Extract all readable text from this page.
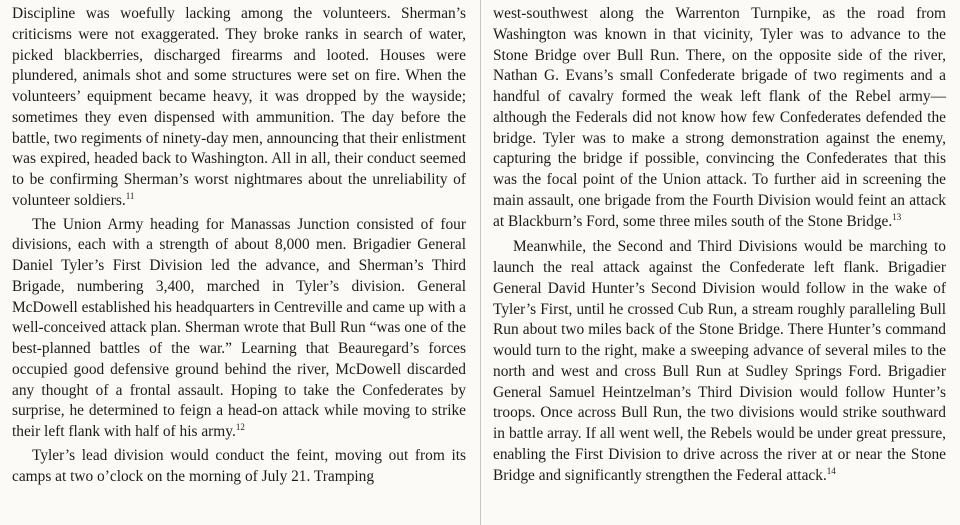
Discipline was woefully lacking among the volunteers. Sherman’s criticisms were not exaggerated. They broke ranks in search of water, picked blackberries, discharged firearms and looted. Houses were plundered, animals shot and some structures were set on fire. When the volunteers’ equipment became heavy, it was dropped by the wayside; sometimes they even dispensed with ammunition. The day before the battle, two regiments of ninety-day men, announcing that their enlistment was expired, headed back to Washington. All in all, their conduct seemed to be confirming Sherman’s worst nightmares about the unreliability of volunteer soldiers.$^{11}$

The Union Army heading for Manassas Junction consisted of four divisions, each with a strength of about 8,000 men. Brigadier General Daniel Tyler’s First Division led the advance, and Sherman’s Third Brigade, numbering 3,400, marched in Tyler’s division. General McDowell established his headquarters in Centreville and came up with a well-conceived attack plan. Sherman wrote that Bull Run “was one of the best-planned battles of the war.” Learning that Beauregard’s forces occupied good defensive ground behind the river, McDowell discarded any thought of a frontal assault. Hoping to take the Confederates by surprise, he determined to feign a head-on attack while moving to strike their left flank with half of his army.$^{12}$

Tyler’s lead division would conduct the feint, moving out from its camps at two o’clock on the morning of July 21. Tramping

west-southwest along the Warrenton Turnpike, as the road from Washington was known in that vicinity, Tyler was to advance to the Stone Bridge over Bull Run. There, on the opposite side of the river, Nathan G. Evans’s small Confederate brigade of two regiments and a handful of cavalry formed the weak left flank of the Rebel army—although the Federals did not know how few Confederates defended the bridge. Tyler was to make a strong demonstration against the enemy, capturing the bridge if possible, convincing the Confederates that this was the focal point of the Union attack. To further aid in screening the main assault, one brigade from the Fourth Division would feint an attack at Blackburn’s Ford, some three miles south of the Stone Bridge.$^{13}$

Meanwhile, the Second and Third Divisions would be marching to launch the real attack against the Confederate left flank. Brigadier General David Hunter’s Second Division would follow in the wake of Tyler’s First, until he crossed Cub Run, a stream roughly paralleling Bull Run about two miles back of the Stone Bridge. There Hunter’s command would turn to the right, make a sweeping advance of several miles to the north and west and cross Bull Run at Sudley Springs Ford. Brigadier General Samuel Heintzelman’s Third Division would follow Hunter’s troops. Once across Bull Run, the two divisions would strike southward in battle array. If all went well, the Rebels would be under great pressure, enabling the First Division to drive across the river at or near the Stone Bridge and significantly strengthen the Federal attack.$^{14}$
